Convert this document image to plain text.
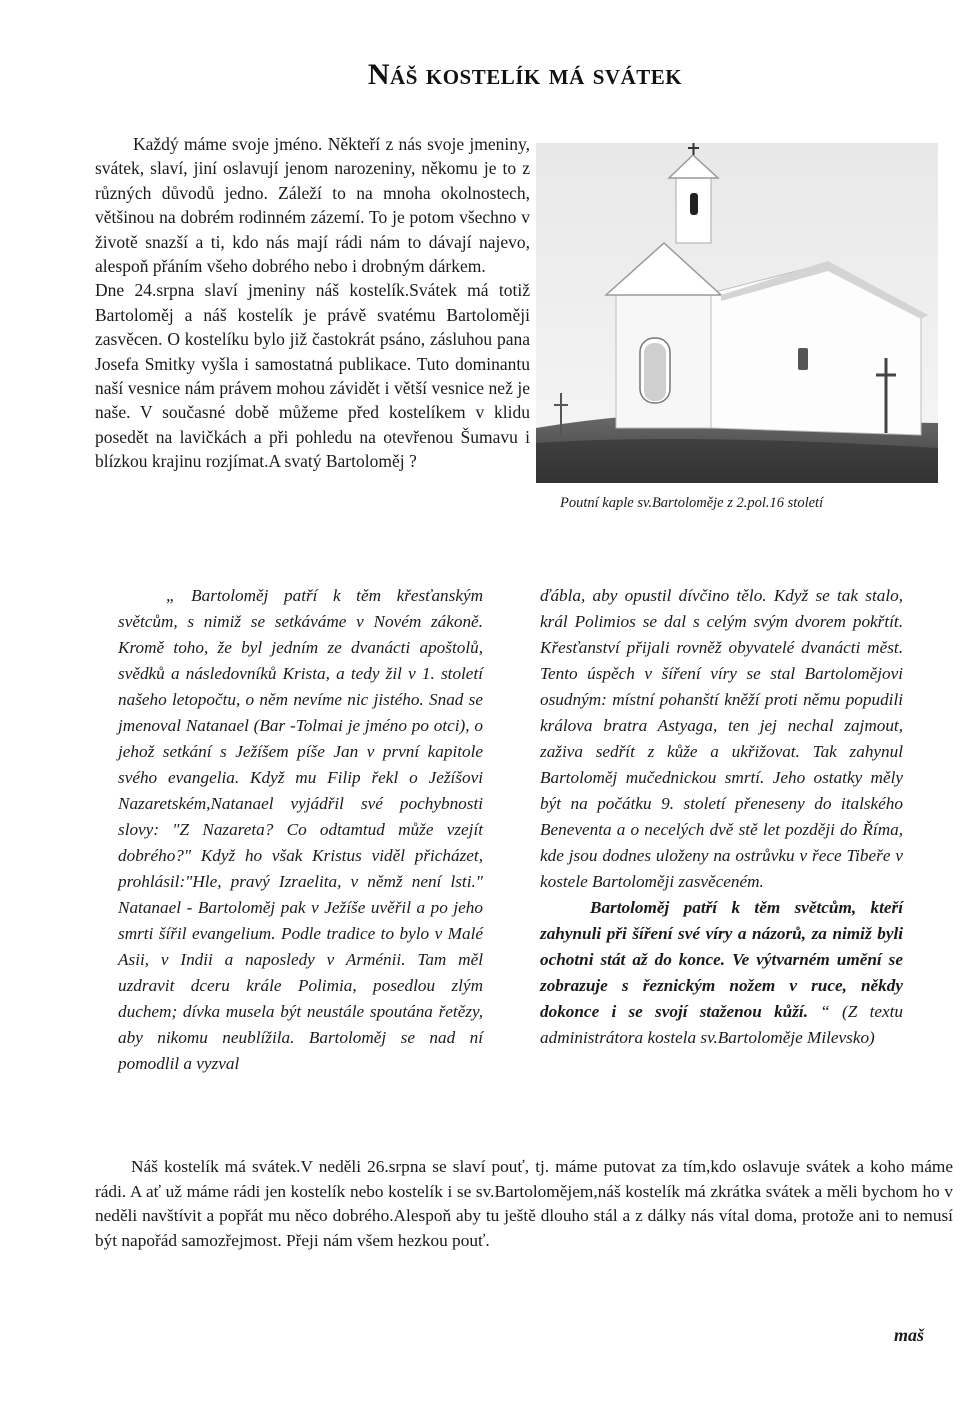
Náš kostelík má svátek

Každý máme svoje jméno. Někteří z nás svoje jmeniny, svátek, slaví, jiní oslavují jenom narozeniny, někomu je to z různých důvodů jedno. Záleží to na mnoha okolnostech, většinou na dobrém rodinném zázemí. To je potom všechno v životě snazší a ti, kdo nás mají rádi nám to dávají najevo, alespoň přáním všeho dobrého nebo i drobným dárkem.

Dne 24.srpna slaví jmeniny náš kostelík.Svátek má totiž Bartoloměj a náš kostelík je právě svatému Bartoloměji zasvěcen. O kostelíku bylo již častokrát psáno, zásluhou pana Josefa Smitky vyšla i samostatná publikace. Tuto dominantu naší vesnice nám právem mohou závidět i větší vesnice než je naše. V současné době můžeme před kostelíkem v klidu posedět na lavičkách a při pohledu na otevřenou Šumavu i blízkou krajinu rozjímat.A svatý Bartoloměj ?

Poutní kaple sv.Bartoloměje z 2.pol.16 století

„ Bartoloměj patří k těm křesťanským světcům, s nimiž se setkáváme v Novém zákoně. Kromě toho, že byl jedním ze dvanácti apoštolů, svědků a následovníků Krista, a tedy žil v 1. století našeho letopočtu, o něm nevíme nic jistého. Snad se jmenoval Natanael (Bar -Tolmai je jméno po otci), o jehož setkání s Ježíšem píše Jan v první kapitole svého evangelia. Když mu Filip řekl o Ježíšovi Nazaretském,Natanael vyjádřil své pochybnosti slovy: "Z Nazareta? Co odtamtud může vzejít dobrého?" Když ho však Kristus viděl přicházet, prohlásil:"Hle, pravý Izraelita, v němž není lsti." Natanael - Bartoloměj pak v Ježíše uvěřil a po jeho smrti šířil evangelium. Podle tradice to bylo v Malé Asii, v Indii a naposledy v Arménii. Tam měl uzdravit dceru krále Polimia, posedlou zlým duchem; dívka musela být neustále spoutána řetězy, aby nikomu neublížila. Bartoloměj se nad ní pomodlil a vyzval

ďábla, aby opustil dívčino tělo. Když se tak stalo, král Polimios se dal s celým svým dvorem pokřtít. Křesťanství přijali rovněž obyvatelé dvanácti měst. Tento úspěch v šíření víry se stal Bartolomějovi osudným: místní pohanští kněží proti němu popudili králova bratra Astyaga, ten jej nechal zajmout, zaživa sedřít z kůže a ukřižovat. Tak zahynul Bartoloměj mučednickou smrtí. Jeho ostatky měly být na počátku 9. století přeneseny do italského Beneventa a o necelých dvě stě let později do Říma, kde jsou dodnes uloženy na ostrůvku v řece Tibeře v kostele Bartoloměji zasvěceném.

Bartoloměj patří k těm světcům, kteří zahynuli při šíření své víry a názorů, za nimiž byli ochotni stát až do konce. Ve výtvarném umění se zobrazuje s řeznickým nožem v ruce, někdy dokonce i se svojí staženou kůží. “ (Z textu administrátora kostela sv.Bartoloměje Milevsko)

Náš kostelík má svátek.V neděli 26.srpna se slaví pouť, tj. máme putovat za tím,kdo oslavuje svátek a koho máme rádi. A ať už máme rádi jen kostelík nebo kostelík i se sv.Bartolomějem,náš kostelík má zkrátka svátek a měli bychom ho v neděli navštívit a popřát mu něco dobrého.Alespoň aby tu ještě dlouho stál a z dálky nás vítal doma, protože ani to nemusí být napořád samozřejmost. Přeji nám všem hezkou pouť.

maš
